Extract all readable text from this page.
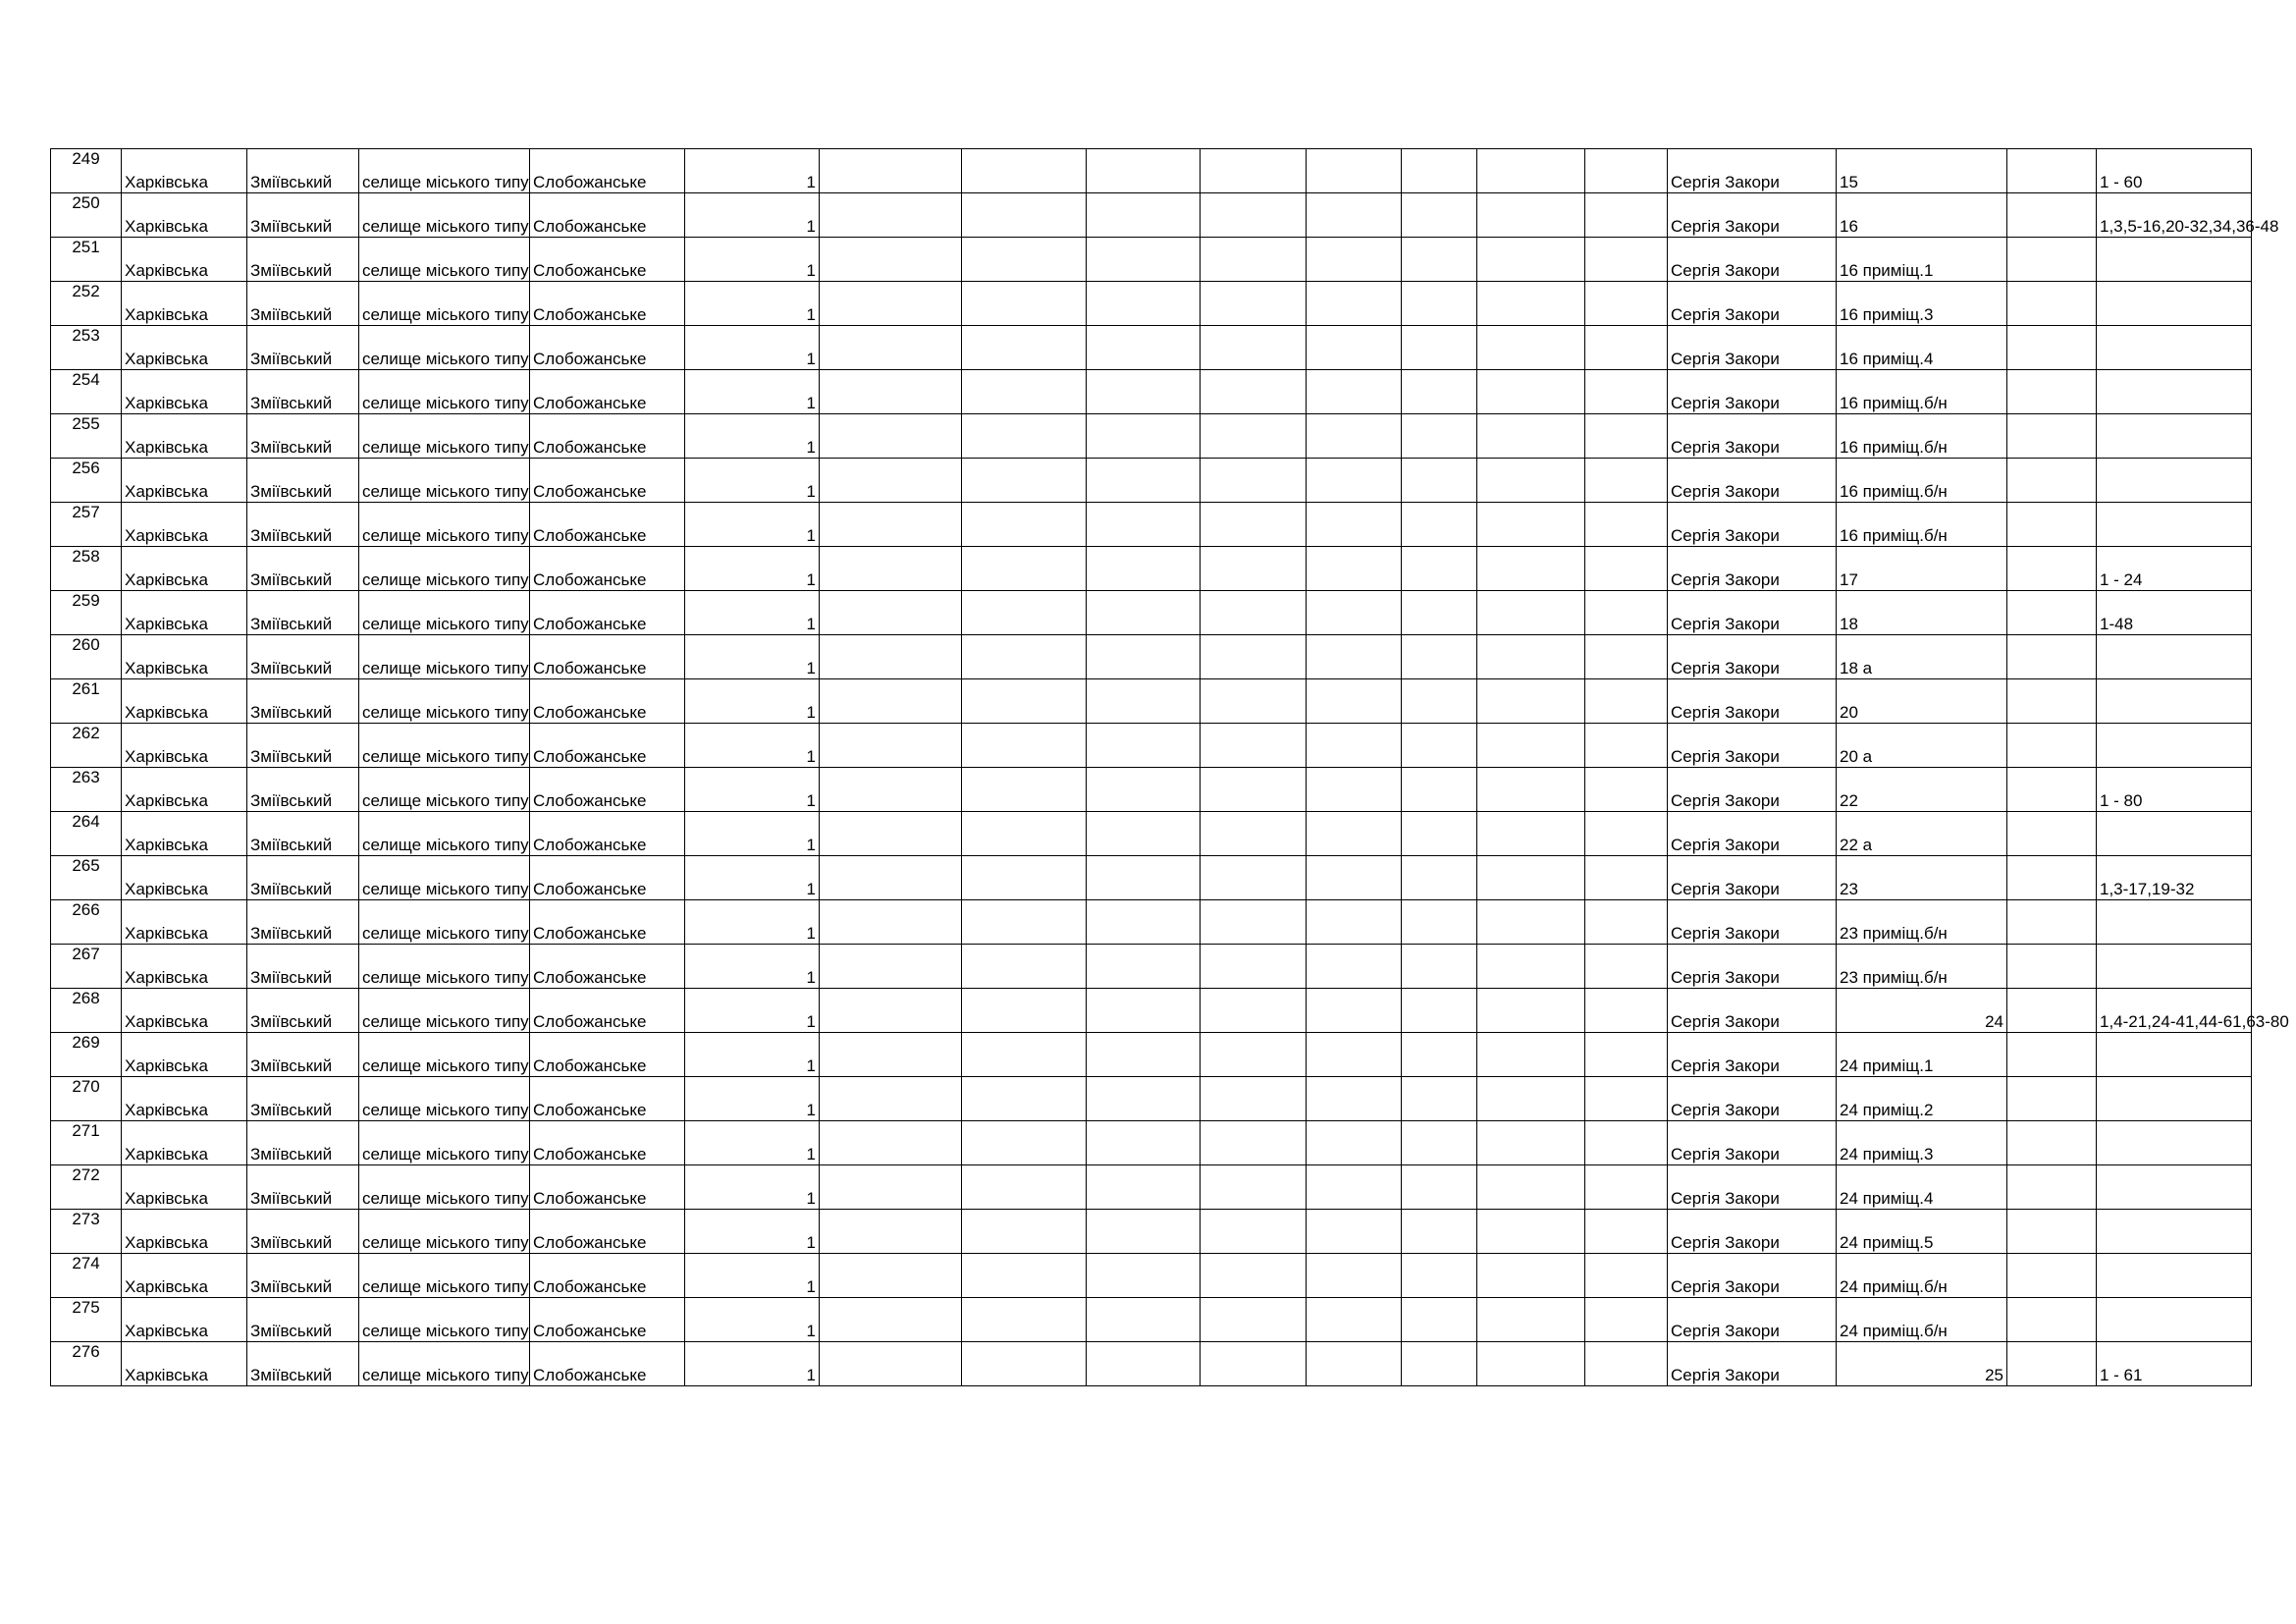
249	Харківська	Зміївський	селище міського типу	Слобожанське	1									Сергія Закори	15		1 - 60
250	Харківська	Зміївський	селище міського типу	Слобожанське	1									Сергія Закори	16		1,3,5-16,20-32,34,36-48
251	Харківська	Зміївський	селище міського типу	Слобожанське	1									Сергія Закори	16 приміщ.1		
252	Харківська	Зміївський	селище міського типу	Слобожанське	1									Сергія Закори	16 приміщ.3		
253	Харківська	Зміївський	селище міського типу	Слобожанське	1									Сергія Закори	16 приміщ.4		
254	Харківська	Зміївський	селище міського типу	Слобожанське	1									Сергія Закори	16 приміщ.б/н		
255	Харківська	Зміївський	селище міського типу	Слобожанське	1									Сергія Закори	16 приміщ.б/н		
256	Харківська	Зміївський	селище міського типу	Слобожанське	1									Сергія Закори	16 приміщ.б/н		
257	Харківська	Зміївський	селище міського типу	Слобожанське	1									Сергія Закори	16 приміщ.б/н		
258	Харківська	Зміївський	селище міського типу	Слобожанське	1									Сергія Закори	17		1 - 24
259	Харківська	Зміївський	селище міського типу	Слобожанське	1									Сергія Закори	18		1-48
260	Харківська	Зміївський	селище міського типу	Слобожанське	1									Сергія Закори	18 а		
261	Харківська	Зміївський	селище міського типу	Слобожанське	1									Сергія Закори	20		
262	Харківська	Зміївський	селище міського типу	Слобожанське	1									Сергія Закори	20 а		
263	Харківська	Зміївський	селище міського типу	Слобожанське	1									Сергія Закори	22		1 - 80
264	Харківська	Зміївський	селище міського типу	Слобожанське	1									Сергія Закори	22 а		
265	Харківська	Зміївський	селище міського типу	Слобожанське	1									Сергія Закори	23		1,3-17,19-32
266	Харківська	Зміївський	селище міського типу	Слобожанське	1									Сергія Закори	23 приміщ.б/н		
267	Харківська	Зміївський	селище міського типу	Слобожанське	1									Сергія Закори	23 приміщ.б/н		
268	Харківська	Зміївський	селище міського типу	Слобожанське	1									Сергія Закори	24		1,4-21,24-41,44-61,63-80
269	Харківська	Зміївський	селище міського типу	Слобожанське	1									Сергія Закори	24 приміщ.1		
270	Харківська	Зміївський	селище міського типу	Слобожанське	1									Сергія Закори	24 приміщ.2		
271	Харківська	Зміївський	селище міського типу	Слобожанське	1									Сергія Закори	24 приміщ.3		
272	Харківська	Зміївський	селище міського типу	Слобожанське	1									Сергія Закори	24 приміщ.4		
273	Харківська	Зміївський	селище міського типу	Слобожанське	1									Сергія Закори	24 приміщ.5		
274	Харківська	Зміївський	селище міського типу	Слобожанське	1									Сергія Закори	24 приміщ.б/н		
275	Харківська	Зміївський	селище міського типу	Слобожанське	1									Сергія Закори	24 приміщ.б/н		
276	Харківська	Зміївський	селище міського типу	Слобожанське	1									Сергія Закори	25		1 - 61
